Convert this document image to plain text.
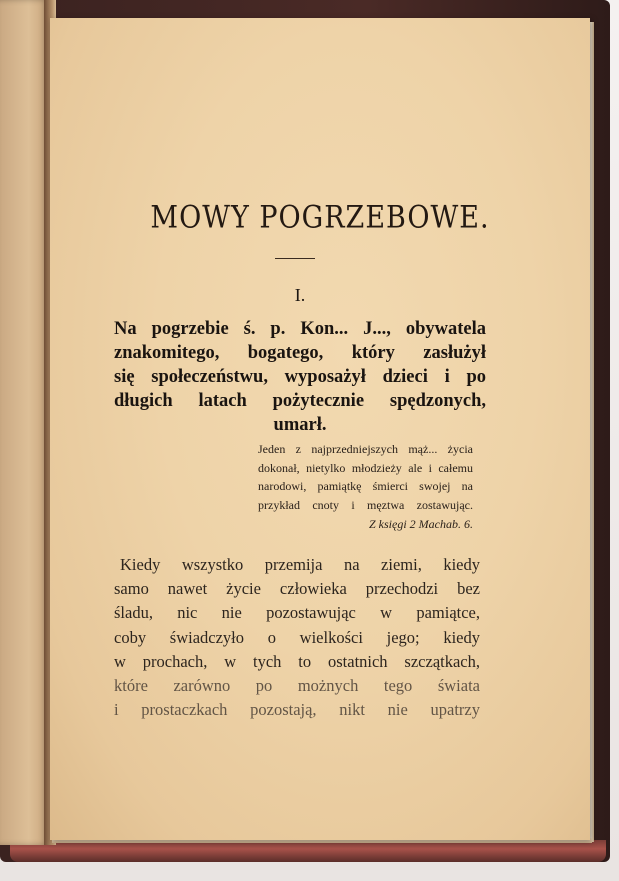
MOWY POGRZEBOWE.
I.
Na pogrzebie ś. p. Kon... J..., obywatela
znakomitego, bogatego, który zasłużył
się społeczeństwu, wyposażył dzieci i po
długich latach pożytecznie spędzonych,
umarł.
Jeden z najprzedniejszych mąż... życia
dokonał, nietylko młodzieży ale i całemu
narodowi, pamiątkę śmierci swojej na
przykład cnoty i męztwa zostawując.
Z księgi 2 Machab. 6.
Kiedy wszystko przemija na ziemi, kiedy
samo nawet życie człowieka przechodzi bez
śladu, nic nie pozostawując w pamiątce,
coby świadczyło o wielkości jego; kiedy
w prochach, w tych to ostatnich szczątkach,
które zarówno po możnych tego świata
i prostaczkach pozostają, nikt nie upatrzy
